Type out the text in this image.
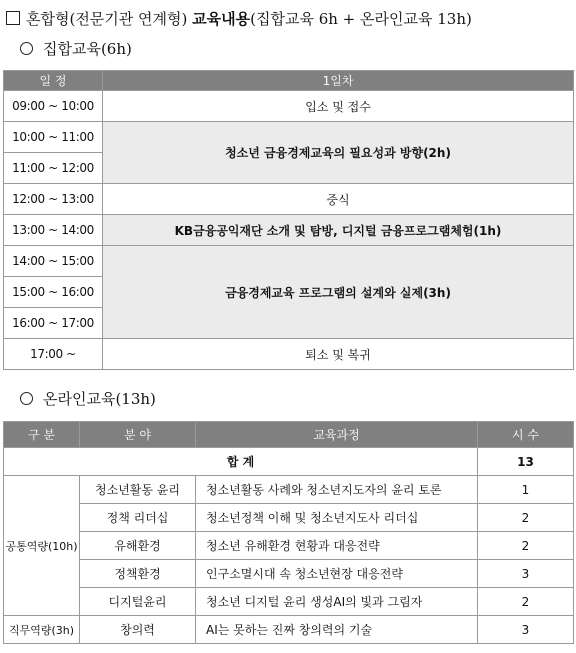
혼합형(전문기관 연계형) 교육내용(집합교육 6h + 온라인교육 13h)
집합교육(6h)
일 정	1일차
09:00 ~ 10:00	입소 및 접수
10:00 ~ 11:00	청소년 금융경제교육의 필요성과 방향(2h)
11:00 ~ 12:00	
12:00 ~ 13:00	중식
13:00 ~ 14:00	KB금융공익재단 소개 및 탐방, 디지털 금융프로그램체험(1h)
14:00 ~ 15:00	금융경제교육 프로그램의 설계와 실제(3h)
15:00 ~ 16:00	
16:00 ~ 17:00	
17:00 ~	퇴소 및 복귀
온라인교육(13h)
구 분	분 야	교육과정	시 수
합 계			13
공통역량(10h)	청소년활동 윤리	청소년활동 사례와 청소년지도자의 윤리 토론	1
	정책 리더십	청소년정책 이해 및 청소년지도사 리더십	2
	유해환경	청소년 유해환경 현황과 대응전략	2
	정책환경	인구소멸시대 속 청소년현장 대응전략	3
	디지털윤리	청소년 디지털 윤리 생성AI의 빛과 그림자	2
직무역량(3h)	창의력	AI는 못하는 진짜 창의력의 기술	3
